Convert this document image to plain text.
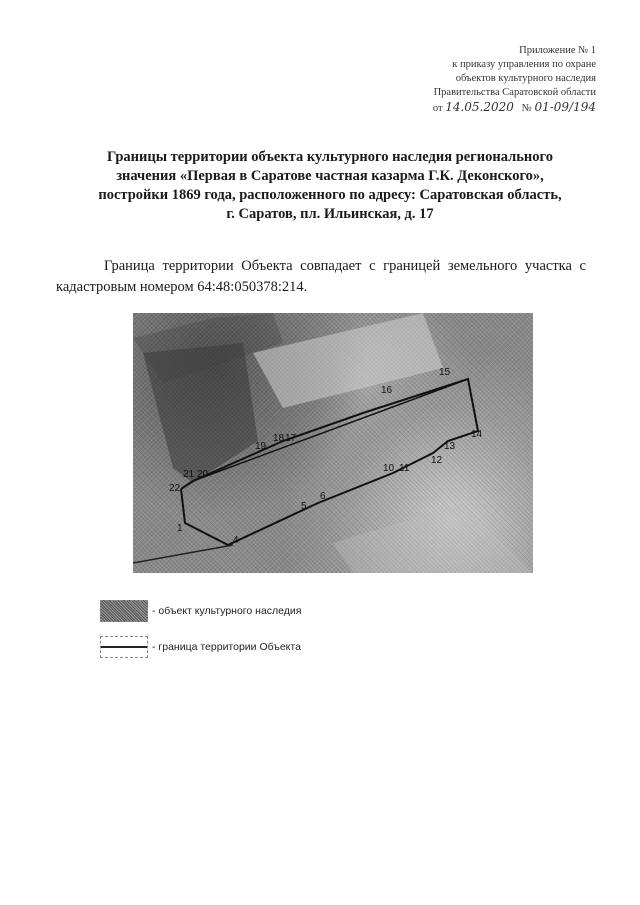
Приложение № 1
к приказу управления по охране
объектов культурного наследия
Правительства Саратовской области
от 14.05.2020 № 01-09/194
Границы территории объекта культурного наследия регионального
значения «Первая в Саратове частная казарма Г.К. Деконского»,
постройки 1869 года, расположенного по адресу: Саратовская область,
г. Саратов, пл. Ильинская, д. 17
Граница территории Объекта совпадает с границей земельного участка с кадастровым номером 64:48:050378:214.
1
4
5
6
10 11
12
13
14
15
16
17
18
19
20
21
22
- объект культурного наследия
- граница территории Объекта
